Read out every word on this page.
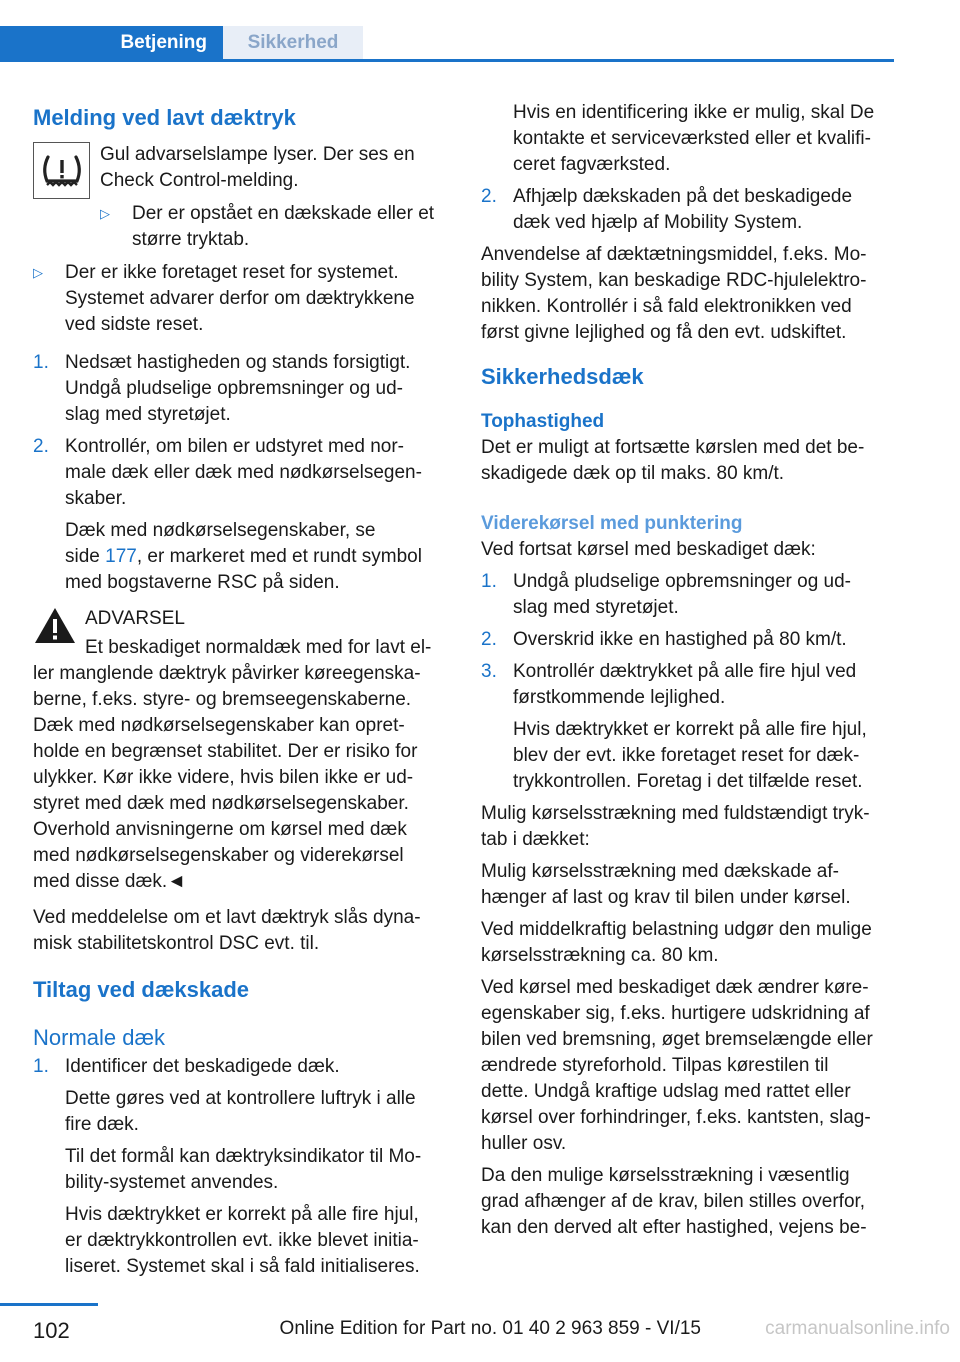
Betjening	Sikkerhed
Melding ved lavt dæktryk

Gul advarselslampe lyser. Der ses en

Check Control-melding.

▷	Der er opstået en dækskade eller et

større tryktab.

▷	Der er ikke foretaget reset for systemet.

Systemet advarer derfor om dæktrykkene

ved sidste reset.

1. Nedsæt hastigheden og stands forsigtigt.

Undgå pludselige opbremsninger og ud-

slag med styretøjet.

2. Kontrollér, om bilen er udstyret med nor-

male dæk eller dæk med nødkørselsegen-

skaber.

Dæk med nødkørselsegenskaber, se

side 177, er markeret med et rundt symbol

med bogstaverne RSC på siden.

ADVARSEL

Et beskadiget normaldæk med for lavt el-

ler manglende dæktryk påvirker køreegenska-

berne, f.eks. styre- og bremseegenskaberne.

Dæk med nødkørselsegenskaber kan opret-

holde en begrænset stabilitet. Der er risiko for

ulykker. Kør ikke videre, hvis bilen ikke er ud-

styret med dæk med nødkørselsegenskaber.

Overhold anvisningerne om kørsel med dæk

med nødkørselsegenskaber og viderekørsel

med disse dæk.◄

Ved meddelelse om et lavt dæktryk slås dyna-

misk stabilitetskontrol DSC evt. til.

Tiltag ved dækskade
Normale dæk
1. Identificer det beskadigede dæk.

Dette gøres ved at kontrollere luftryk i alle

fire dæk.

Til det formål kan dæktryksindikator til Mo-

bility-systemet anvendes.

Hvis dæktrykket er korrekt på alle fire hjul,

er dæktrykkontrollen evt. ikke blevet initia-

liseret. Systemet skal i så fald initialiseres.

Hvis en identificering ikke er mulig, skal De

kontakte et serviceværksted eller et kvalifi-

ceret fagværksted.

2. Afhjælp dækskaden på det beskadigede

dæk ved hjælp af Mobility System.

Anvendelse af dæktætningsmiddel, f.eks. Mo-

bility System, kan beskadige RDC-hjulelektro-

nikken. Kontrollér i så fald elektronikken ved

først givne lejlighed og få den evt. udskiftet.

Sikkerhedsdæk
Tophastighed

Det er muligt at fortsætte kørslen med det be-

skadigede dæk op til maks. 80 km/t.

Viderekørsel med punktering

Ved fortsat kørsel med beskadiget dæk:

1. Undgå pludselige opbremsninger og ud-

slag med styretøjet.

2. Overskrid ikke en hastighed på 80 km/t.

3. Kontrollér dæktrykket på alle fire hjul ved

førstkommende lejlighed.

Hvis dæktrykket er korrekt på alle fire hjul,

blev der evt. ikke foretaget reset for dæk-

trykkontrollen. Foretag i det tilfælde reset.

Mulig kørselsstrækning med fuldstændigt tryk-

tab i dækket:

Mulig kørselsstrækning med dækskade af-

hænger af last og krav til bilen under kørsel.

Ved middelkraftig belastning udgør den mulige

kørselsstrækning ca. 80 km.

Ved kørsel med beskadiget dæk ændrer køre-

egenskaber sig, f.eks. hurtigere udskridning af

bilen ved bremsning, øget bremselængde eller

ændrede styreforhold. Tilpas kørestilen til

dette. Undgå kraftige udslag med rattet eller

kørsel over forhindringer, f.eks. kantsten, slag-

huller osv.

Da den mulige kørselsstrækning i væsentlig

grad afhænger af de krav, bilen stilles overfor,

kan den derved alt efter hastighed, vejens be-

102	Online Edition for Part no. 01 40 2 963 859 - VI/15	carmanualsonline.info
